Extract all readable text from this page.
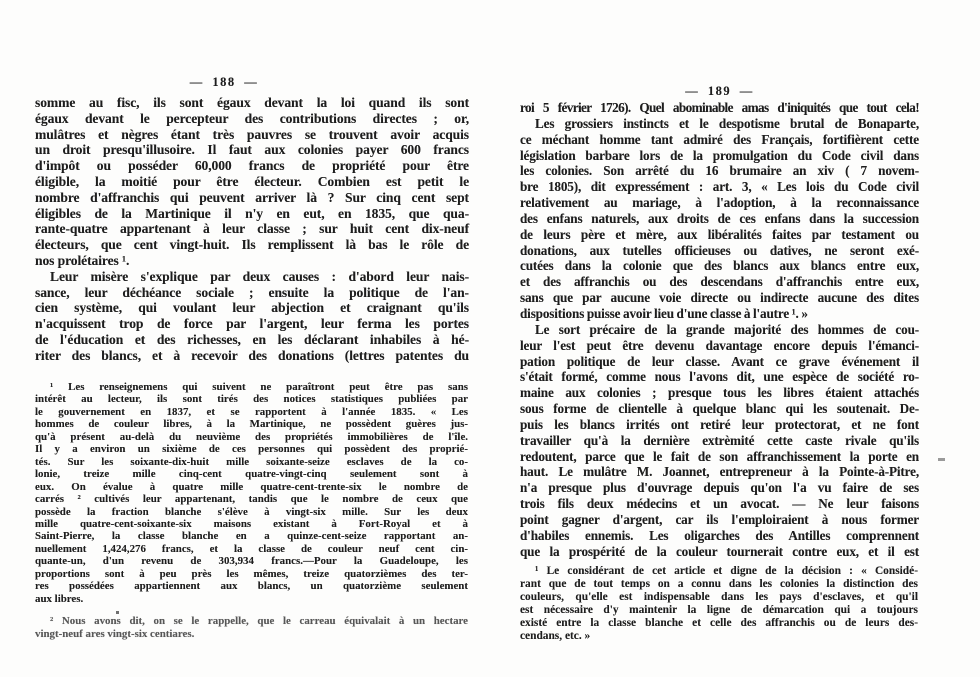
— 188 —
somme au fisc, ils sont égaux devant la loi quand ils sont
égaux devant le percepteur des contributions directes ; or,
mulâtres et nègres étant très pauvres se trouvent avoir acquis
un droit presqu'illusoire. Il faut aux colonies payer 600 francs
d'impôt ou posséder 60,000 francs de propriété pour être
éligible, la moitié pour être électeur. Combien est petit le
nombre d'affranchis qui peuvent arriver là ? Sur cinq cent sept
éligibles de la Martinique il n'y en eut, en 1835, que qua-
rante-quatre appartenant à leur classe ; sur huit cent dix-neuf
électeurs, que cent vingt-huit. Ils remplissent là bas le rôle de
nos prolétaires ¹.
Leur misère s'explique par deux causes : d'abord leur nais-
sance, leur déchéance sociale ; ensuite la politique de l'an-
cien système, qui voulant leur abjection et craignant qu'ils
n'acquissent trop de force par l'argent, leur ferma les portes
de l'éducation et des richesses, en les déclarant inhabiles à hé-
riter des blancs, et à recevoir des donations (lettres patentes du
¹ Les renseignemens qui suivent ne paraîtront peut être pas sans
intérêt au lecteur, ils sont tirés des notices statistiques publiées par
le gouvernement en 1837, et se rapportent à l'année 1835. « Les
hommes de couleur libres, à la Martinique, ne possèdent guères jus-
qu'à présent au-delà du neuvième des propriétés immobilières de l'île.
Il y a environ un sixième de ces personnes qui possèdent des proprié-
tés. Sur les soixante-dix-huit mille soixante-seize esclaves de la co-
lonie, treize mille cinq-cent quatre-vingt-cinq seulement sont à
eux. On évalue à quatre mille quatre-cent-trente-six le nombre de
carrés ² cultivés leur appartenant, tandis que le nombre de ceux que
possède la fraction blanche s'élève à vingt-six mille. Sur les deux
mille quatre-cent-soixante-six maisons existant à Fort-Royal et à
Saint-Pierre, la classe blanche en a quinze-cent-seize rapportant an-
nuellement 1,424,276 francs, et la classe de couleur neuf cent cin-
quante-un, d'un revenu de 303,934 francs.—Pour la Guadeloupe, les
proportions sont à peu près les mêmes, treize quatorzièmes des ter-
res possédées appartiennent aux blancs, un quatorzième seulement
aux libres.
² Nous avons dit, on se le rappelle, que le carreau équivalait à un hectare
vingt-neuf ares vingt-six centiares.
— 189 —
roi 5 février 1726). Quel abominable amas d'iniquités que tout cela!
Les grossiers instincts et le despotisme brutal de Bonaparte,
ce méchant homme tant admiré des Français, fortifièrent cette
législation barbare lors de la promulgation du Code civil dans
les colonies. Son arrêté du 16 brumaire an xiv ( 7 novem-
bre 1805), dit expressément : art. 3, « Les lois du Code civil
relativement au mariage, à l'adoption, à la reconnaissance
des enfans naturels, aux droits de ces enfans dans la succession
de leurs père et mère, aux libéralités faites par testament ou
donations, aux tutelles officieuses ou datives, ne seront exé-
cutées dans la colonie que des blancs aux blancs entre eux,
et des affranchis ou des descendans d'affranchis entre eux,
sans que par aucune voie directe ou indirecte aucune des dites
dispositions puisse avoir lieu d'une classe à l'autre ¹. »
Le sort précaire de la grande majorité des hommes de cou-
leur l'est peut être devenu davantage encore depuis l'émanci-
pation politique de leur classe. Avant ce grave événement il
s'était formé, comme nous l'avons dit, une espèce de société ro-
maine aux colonies ; presque tous les libres étaient attachés
sous forme de clientelle à quelque blanc qui les soutenait. De-
puis les blancs irrités ont retiré leur protectorat, et ne font
travailler qu'à la dernière extrèmité cette caste rivale qu'ils
redoutent, parce que le fait de son affranchissement la porte en
haut. Le mulâtre M. Joannet, entrepreneur à la Pointe-à-Pitre,
n'a presque plus d'ouvrage depuis qu'on l'a vu faire de ses
trois fils deux médecins et un avocat. — Ne leur faisons
point gagner d'argent, car ils l'emploiraient à nous former
d'habiles ennemis. Les oligarches des Antilles comprennent
que la prospérité de la couleur tournerait contre eux, et il est
¹ Le considérant de cet article et digne de la décision : « Considé-
rant que de tout temps on a connu dans les colonies la distinction des
couleurs, qu'elle est indispensable dans les pays d'esclaves, et qu'il
est nécessaire d'y maintenir la ligne de démarcation qui a toujours
existé entre la classe blanche et celle des affranchis ou de leurs des-
cendans, etc. »
